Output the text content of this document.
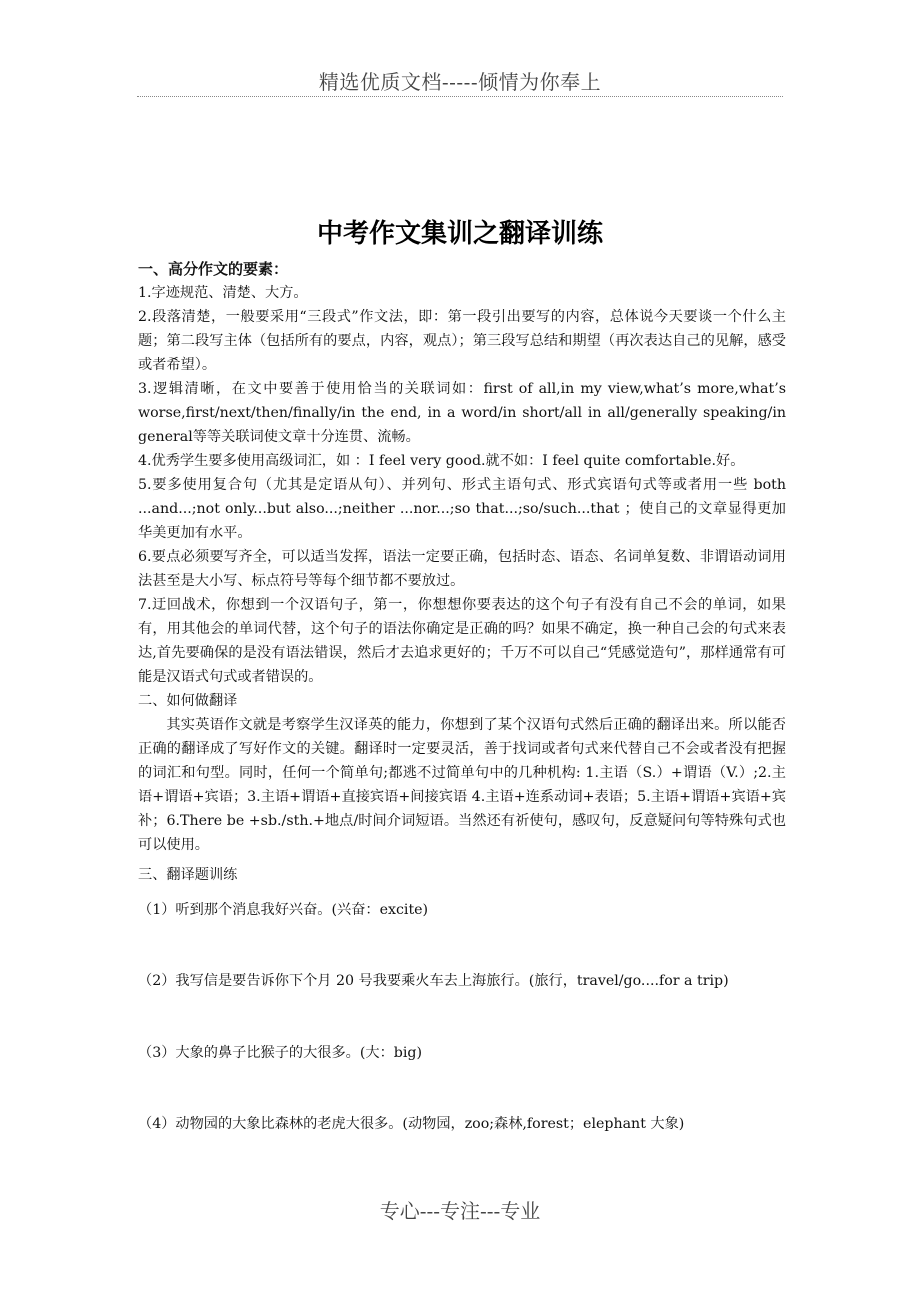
精选优质文档-----倾情为你奉上
中考作文集训之翻译训练

一、高分作文的要素：

1.字迹规范、清楚、大方。

2.段落清楚，一般要采用“三段式”作文法，即：第一段引出要写的内容，总体说今天要谈一个什么主题；第二段写主体（包括所有的要点，内容，观点）；第三段写总结和期望（再次表达自己的见解，感受或者希望）。

3.逻辑清晰，在文中要善于使用恰当的关联词如：first of all,in my view,what’s more,what’s worse,first/next/then/finally/in the end, in a word/in short/all in all/generally speaking/in general等等关联词使文章十分连贯、流畅。

4.优秀学生要多使用高级词汇，如 ：I feel very good.就不如：I feel quite comfortable.好。

5.要多使用复合句（尤其是定语从句）、并列句、形式主语句式、形式宾语句式等或者用一些 both ...and...;not only...but also...;neither ...nor...;so that...;so/such...that ；使自己的文章显得更加华美更加有水平。

6.要点必须要写齐全，可以适当发挥，语法一定要正确，包括时态、语态、名词单复数、非谓语动词用法甚至是大小写、标点符号等每个细节都不要放过。

7.迂回战术，你想到一个汉语句子，第一，你想想你要表达的这个句子有没有自己不会的单词，如果有，用其他会的单词代替，这个句子的语法你确定是正确的吗？如果不确定，换一种自己会的句式来表达,首先要确保的是没有语法错误，然后才去追求更好的；千万不可以自己“凭感觉造句”，那样通常有可能是汉语式句式或者错误的。

二、如何做翻译

其实英语作文就是考察学生汉译英的能力，你想到了某个汉语句式然后正确的翻译出来。所以能否正确的翻译成了写好作文的关键。翻译时一定要灵活，善于找词或者句式来代替自己不会或者没有把握的词汇和句型。同时，任何一个简单句;都逃不过简单句中的几种机构: 1.主语（S.）+谓语（V.）;2.主语+谓语+宾语；3.主语+谓语+直接宾语+间接宾语 4.主语+连系动词+表语；5.主语+谓语+宾语+宾补；6.There be +sb./sth.+地点/时间介词短语。当然还有祈使句，感叹句，反意疑问句等特殊句式也可以使用。

三、翻译题训练

（1）听到那个消息我好兴奋。(兴奋：excite)
（2）我写信是要告诉你下个月 20 号我要乘火车去上海旅行。(旅行，travel/go....for a trip)
（3）大象的鼻子比猴子的大很多。(大：big)
（4）动物园的大象比森林的老虎大很多。(动物园，zoo;森林,forest；elephant 大象)
专心---专注---专业
